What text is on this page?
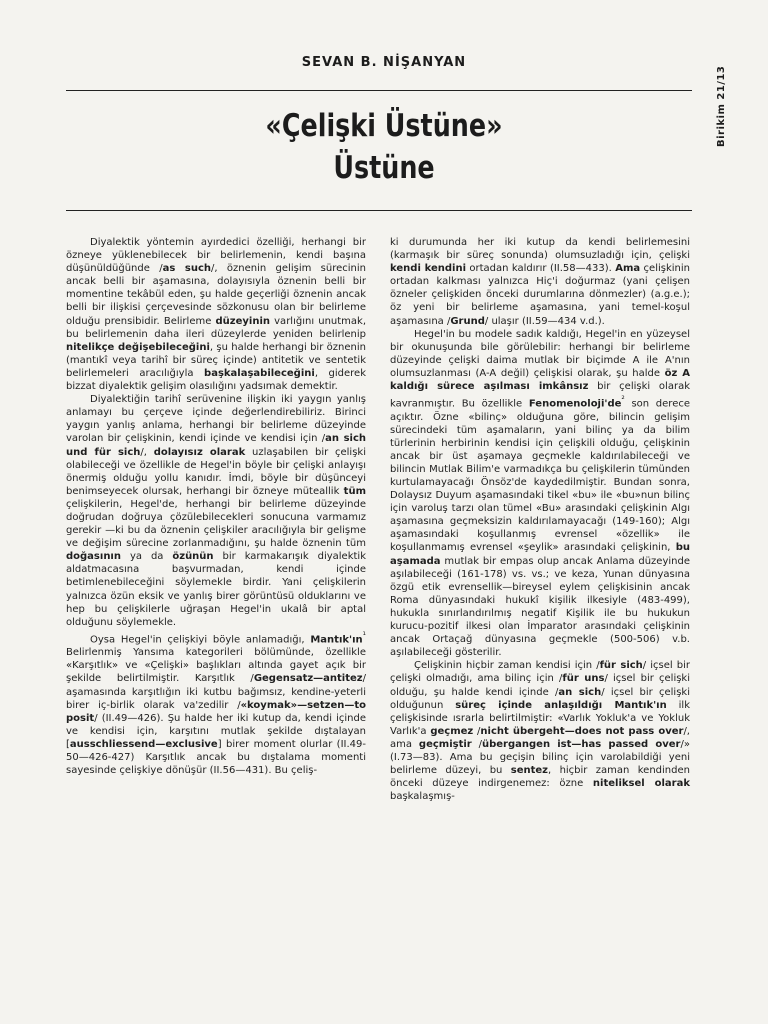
SEVAN B. NİŞANYAN
Birikim 21/13
«Çelişki Üstüne»
Üstüne

Diyalektik yöntemin ayırdedici özelliği, herhangi bir özneye yüklenebilecek bir belirlemenin, kendi başına düşünüldüğünde /as such/, öznenin gelişim sürecinin ancak belli bir aşamasına, dolayısıyla öznenin belli bir momentine tekâbül eden, şu halde geçerliği öznenin ancak belli bir ilişkisi çerçevesinde sözkonusu olan bir belirleme olduğu prensibidir. Belirleme düzeyinin varlığını unutmak, bu belirlemenin daha ileri düzeylerde yeniden belirlenip nitelikçe değişebileceğini, şu halde herhangi bir öznenin (mantıkî veya tarihî bir süreç içinde) antitetik ve sentetik belirlemeleri aracılığıyla başkalaşabileceğini, giderek bizzat diyalektik gelişim olasılığını yadsımak demektir.

Diyalektiğin tarihî serüvenine ilişkin iki yaygın yanlış anlamayı bu çerçeve içinde değerlendirebiliriz. Birinci yaygın yanlış anlama, herhangi bir belirleme düzeyinde varolan bir çelişkinin, kendi içinde ve kendisi için /an sich und für sich/, dolayısız olarak uzlaşabilen bir çelişki olabileceği ve özellikle de Hegel'in böyle bir çelişki anlayışı önermiş olduğu yollu kanıdır. İmdi, böyle bir düşünceyi benimseyecek olursak, herhangi bir özneye müteallik tüm çelişkilerin, Hegel'de, herhangi bir belirleme düzeyinde doğrudan doğruya çözülebilecekleri sonucuna varmamız gerekir —ki bu da öznenin çelişkiler aracılığıyla bir gelişme ve değişim sürecine zorlanmadığını, şu halde öznenin tüm doğasının ya da özünün bir karmakarışık diyalektik aldatmacasına başvurmadan, kendi içinde betimlenebileceğini söylemekle birdir. Yani çelişkilerin yalnızca özün eksik ve yanlış birer görüntüsü olduklarını ve hep bu çelişkilerle uğraşan Hegel'in ukalâ bir aptal olduğunu söylemekle.

Oysa Hegel'in çelişkiyi böyle anlamadığı, $Mantık'ın^{^1}$ Belirlenmiş Yansıma kategorileri bölümünde, özellikle «Karşıtlık» ve «Çelişki» başlıkları altında gayet açık bir şekilde belirtilmiştir. Karşıtlık /Gegensatz—antitez/ aşamasında karşıtlığın iki kutbu bağımsız, kendine-yeterli birer iç-birlik olarak va'zedilir /«koymak»—setzen—to posit/ (II.49—426). Şu halde her iki kutup da, kendi içinde ve kendisi için, karşıtını mutlak şekilde dıştalayan [ausschliessend—exclusive] birer moment olurlar (II.49-50—426-427) Karşıtlık ancak bu dıştalama momenti sayesinde çelişkiye dönüşür (II.56—431). Bu çeliş-

ki durumunda her iki kutup da kendi belirlemesini (karmaşık bir süreç sonunda) olumsuzladığı için, çelişki kendi kendini ortadan kaldırır (II.58—433). Ama çelişkinin ortadan kalkması yalnızca Hiç'i doğurmaz (yani çelişen özneler çelişkiden önceki durumlarına dönmezler) (a.g.e.); öz yeni bir belirleme aşamasına, yani temel-koşul aşamasına /Grund/ ulaşır (II.59—434 v.d.).

Hegel'in bu modele sadık kaldığı, Hegel'in en yüzeysel bir okunuşunda bile görülebilir: herhangi bir belirleme düzeyinde çelişki daima mutlak bir biçimde A ile A'nın olumsuzlanması (A-A değil) çelişkisi olarak, şu halde öz A kaldığı sürece aşılması imkânsız bir çelişki olarak kavranmıştır. Bu özellikle $Fenomenoloji'de^{^2}$ son derece açıktır. Özne «bilinç» olduğuna göre, bilincin gelişim sürecindeki tüm aşamaların, yani bilinç ya da bilim türlerinin herbirinin kendisi için çelişkili olduğu, çelişkinin ancak bir üst aşamaya geçmekle kaldırılabileceği ve bilincin Mutlak Bilim'e varmadıkça bu çelişkilerin tümünden kurtulamayacağı Önsöz'de kaydedilmiştir. Bundan sonra, Dolaysız Duyum aşamasındaki tikel «bu» ile «bu»nun bilinç için varoluş tarzı olan tümel «Bu» arasındaki çelişkinin Algı aşamasına geçmeksizin kaldırılamayacağı (149-160); Algı aşamasındaki koşullanmış evrensel «özellik» ile koşullanmamış evrensel «şeylik» arasındaki çelişkinin, bu aşamada mutlak bir empas olup ancak Anlama düzeyinde aşılabileceği (161-178) vs. vs.; ve keza, Yunan dünyasına özgü etik evrensellik—bireysel eylem çelişkisinin ancak Roma dünyasındaki hukukî kişilik ilkesiyle (483-499), hukukla sınırlandırılmış negatif Kişilik ile bu hukukun kurucu-pozitif ilkesi olan İmparator arasındaki çelişkinin ancak Ortaçağ dünyasına geçmekle (500-506) v.b. aşılabileceği gösterilir.

Çelişkinin hiçbir zaman kendisi için /für sich/ içsel bir çelişki olmadığı, ama bilinç için /für uns/ içsel bir çelişki olduğu, şu halde kendi içinde /an sich/ içsel bir çelişki olduğunun süreç içinde anlaşıldığı Mantık'ın ilk çelişkisinde ısrarla belirtilmiştir: «Varlık Yokluk'a ve Yokluk Varlık'a geçmez /nicht übergeht—does not pass over/, ama geçmiştir /übergangen ist—has passed over/» (I.73—83). Ama bu geçişin bilinç için varolabildiği yeni belirleme düzeyi, bu sentez, hiçbir zaman kendinden önceki düzeye indirgenemez: özne niteliksel olarak başkalaşmış-
